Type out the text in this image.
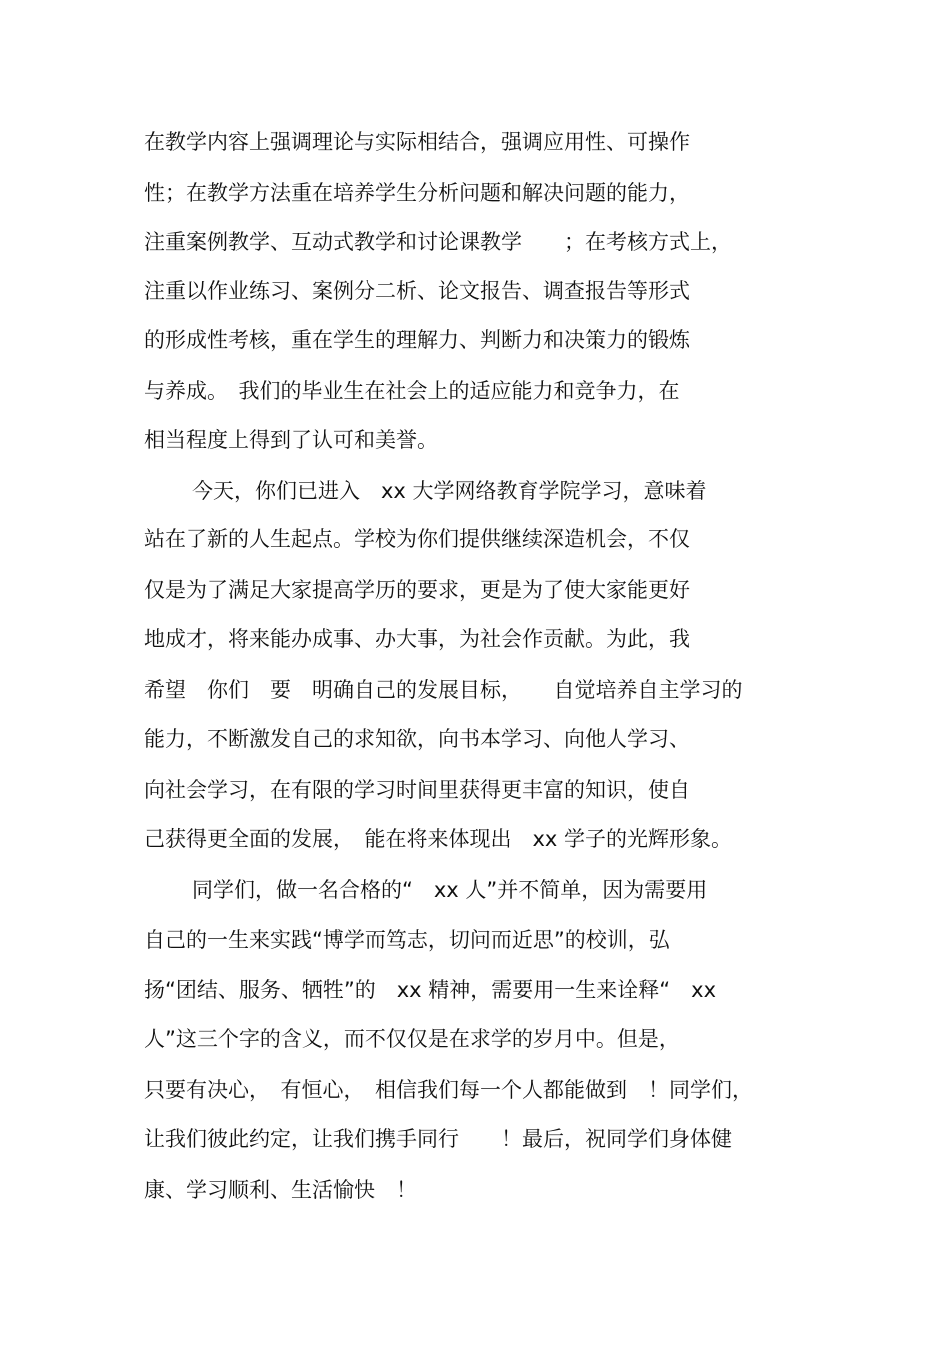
在教学内容上强调理论与实际相结合，强调应用性、可操作
性；在教学方法重在培养学生分析问题和解决问题的能力，
注重案例教学、互动式教学和讨论课教学　　；在考核方式上，
注重以作业练习、案例分二析、论文报告、调查报告等形式
的形成性考核，重在学生的理解力、判断力和决策力的锻炼
与养成。　我们的毕业生在社会上的适应能力和竞争力，在
相当程度上得到了认可和美誉。
今天，你们已进入　xx 大学网络教育学院学习，意味着
站在了新的人生起点。学校为你们提供继续深造机会，不仅
仅是为了满足大家提高学历的要求，更是为了使大家能更好
地成才，将来能办成事、办大事，为社会作贡献。为此，我
希望　你们　要　明确自己的发展目标，　　自觉培养自主学习的
能力，不断激发自己的求知欲，向书本学习、向他人学习、
向社会学习，在有限的学习时间里获得更丰富的知识，使自
己获得更全面的发展，　能在将来体现出　xx 学子的光辉形象。
同学们，做一名合格的“　xx 人”并不简单，因为需要用
自己的一生来实践“博学而笃志，切问而近思”的校训，弘
扬“团结、服务、牺牲”的　xx 精神，需要用一生来诠释“　xx
人”这三个字的含义，而不仅仅是在求学的岁月中。但是，
只要有决心，　有恒心，　相信我们每一个人都能做到　！同学们，
让我们彼此约定，让我们携手同行　　！最后，祝同学们身体健
康、学习顺利、生活愉快　！
